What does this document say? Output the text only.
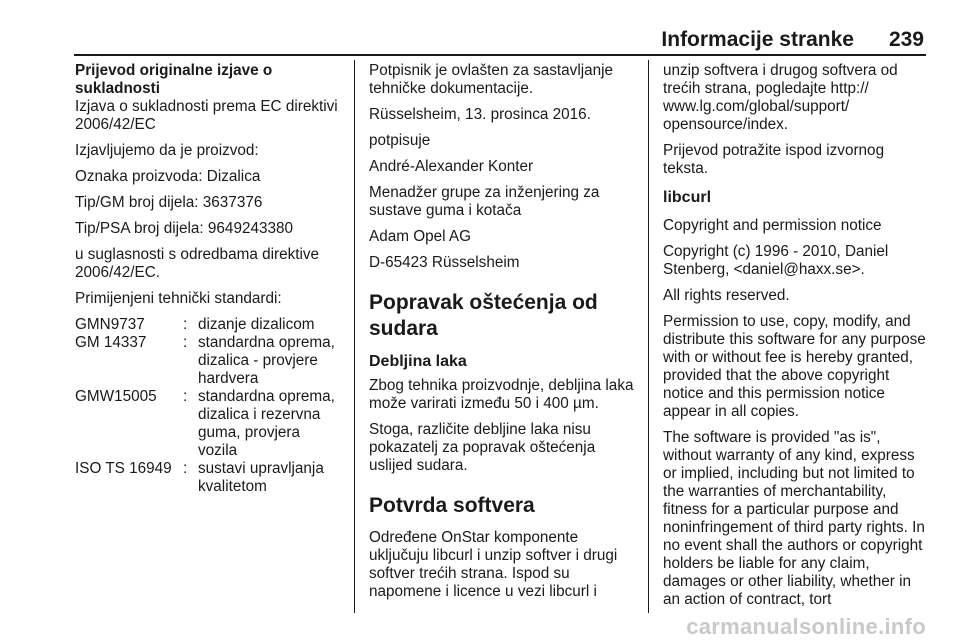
Informacije stranke	239

Prijevod originalne izjave o sukladnosti

Izjava o sukladnosti prema EC direktivi 2006/42/EC

Izjavljujemo da je proizvod:

Oznaka proizvoda: Dizalica

Tip/GM broj dijela: 3637376

Tip/PSA broj dijela: 9649243380

u suglasnosti s odredbama direktive 2006/42/EC.

Primijenjeni tehnički standardi:

GMN9737	:	dizanje dizalicom
GM 14337	:	standardna oprema, dizalica - provjere hardvera
GMW15005	:	standardna oprema, dizalica i rezervna guma, provjera vozila
ISO TS 16949	:	sustavi upravljanja kvalitetom

Potpisnik je ovlašten za sastavljanje tehničke dokumentacije.

Rüsselsheim, 13. prosinca 2016.

potpisuje

André-Alexander Konter

Menadžer grupe za inženjering za sustave guma i kotača

Adam Opel AG

D-65423 Rüsselsheim

Popravak oštećenja od sudara
Debljina laka

Zbog tehnika proizvodnje, debljina laka može varirati između 50 i 400 µm.

Stoga, različite debljine laka nisu pokazatelj za popravak oštećenja uslijed sudara.

Potvrda softvera

Određene OnStar komponente uključuju libcurl i unzip softver i drugi softver trećih strana. Ispod su napomene i licence u vezi libcurl i

unzip softvera i drugog softvera od trećih strana, pogledajte http:// www.lg.com/global/support/ opensource/index.

Prijevod potražite ispod izvornog teksta.

libcurl

Copyright and permission notice

Copyright (c) 1996 - 2010, Daniel Stenberg, <daniel@haxx.se>.

All rights reserved.

Permission to use, copy, modify, and distribute this software for any purpose with or without fee is hereby granted, provided that the above copyright notice and this permission notice appear in all copies.

The software is provided "as is", without warranty of any kind, express or implied, including but not limited to the warranties of merchantability, fitness for a particular purpose and noninfringement of third party rights. In no event shall the authors or copyright holders be liable for any claim, damages or other liability, whether in an action of contract, tort

carmanualsonline.info
